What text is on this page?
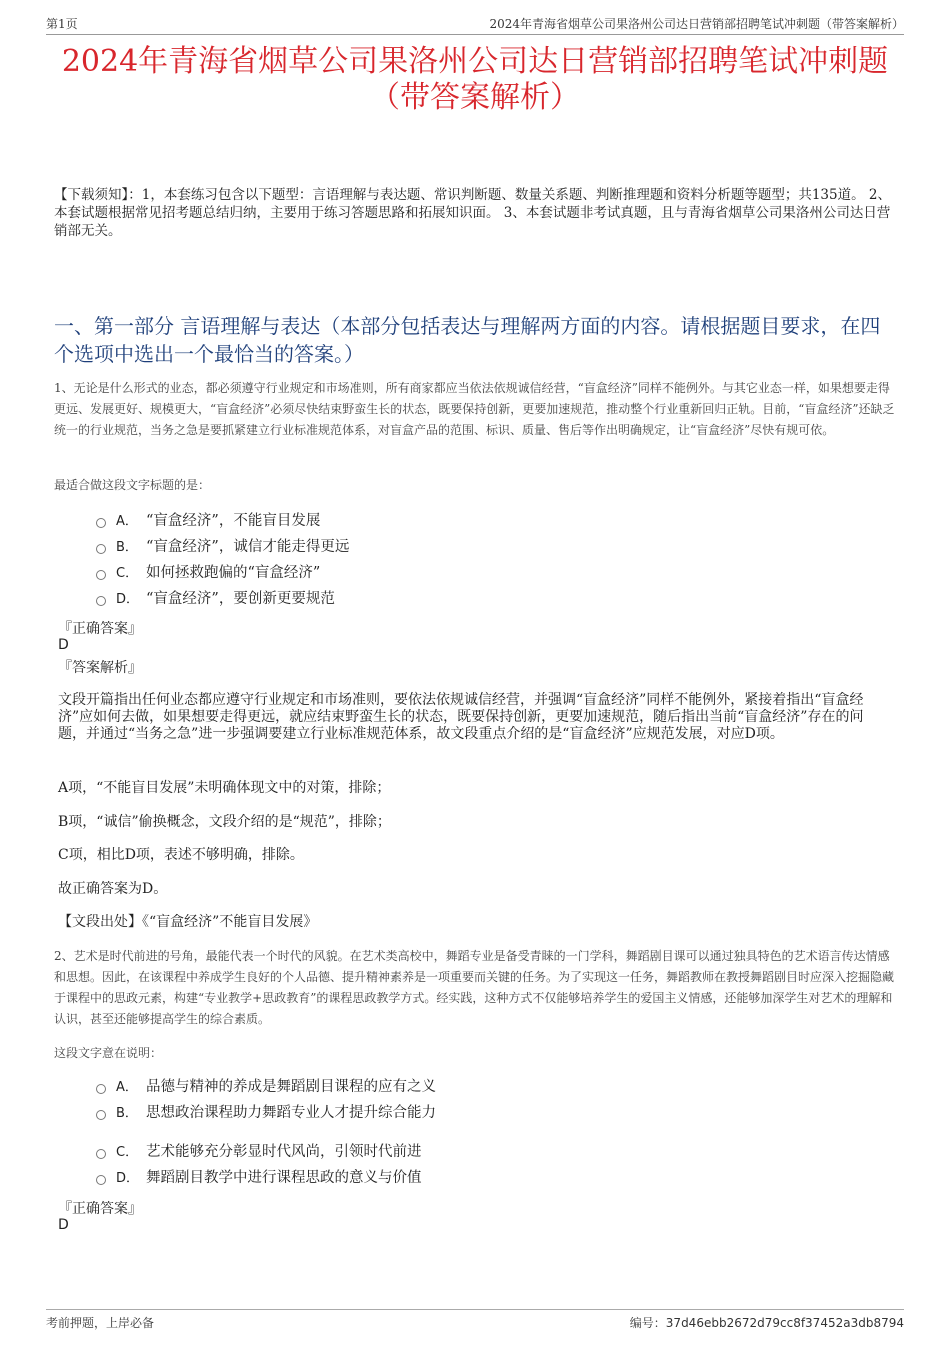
第1页	2024年青海省烟草公司果洛州公司达日营销部招聘笔试冲刺题（带答案解析）
2024年青海省烟草公司果洛州公司达日营销部招聘笔试冲刺题
（带答案解析）
【下载须知】：1，本套练习包含以下题型：言语理解与表达题、常识判断题、数量关系题、判断推理题和资料分析题等题型；共135道。 2、本套试题根据常见招考题总结归纳，主要用于练习答题思路和拓展知识面。 3、本套试题非考试真题，且与青海省烟草公司果洛州公司达日营销部无关。
一、第一部分 言语理解与表达（本部分包括表达与理解两方面的内容。请根据题目要求，在四个选项中选出一个最恰当的答案。）
1、无论是什么形式的业态，都必须遵守行业规定和市场准则，所有商家都应当依法依规诚信经营，“盲盒经济”同样不能例外。与其它业态一样，如果想要走得更远、发展更好、规模更大，“盲盒经济”必须尽快结束野蛮生长的状态，既要保持创新，更要加速规范，推动整个行业重新回归正轨。目前，“盲盒经济”还缺乏统一的行业规范，当务之急是要抓紧建立行业标准规范体系，对盲盒产品的范围、标识、质量、售后等作出明确规定，让“盲盒经济”尽快有规可依。
最适合做这段文字标题的是：
A． “盲盒经济”，不能盲目发展
B． “盲盒经济”，诚信才能走得更远
C． 如何拯救跑偏的“盲盒经济”
D． “盲盒经济”，要创新更要规范
『正确答案』
D
『答案解析』
文段开篇指出任何业态都应遵守行业规定和市场准则，要依法依规诚信经营，并强调“盲盒经济”同样不能例外，紧接着指出“盲盒经济”应如何去做，如果想要走得更远，就应结束野蛮生长的状态，既要保持创新，更要加速规范，随后指出当前“盲盒经济”存在的问题，并通过“当务之急”进一步强调要建立行业标准规范体系，故文段重点介绍的是“盲盒经济”应规范发展，对应D项。
A项，“不能盲目发展”未明确体现文中的对策，排除；
B项，“诚信”偷换概念，文段介绍的是“规范”，排除；
C项，相比D项，表述不够明确，排除。
故正确答案为D。
【文段出处】《“盲盒经济”不能盲目发展》
2、艺术是时代前进的号角，最能代表一个时代的风貌。在艺术类高校中，舞蹈专业是备受青睐的一门学科，舞蹈剧目课可以通过独具特色的艺术语言传达情感和思想。因此，在该课程中养成学生良好的个人品德、提升精神素养是一项重要而关键的任务。为了实现这一任务，舞蹈教师在教授舞蹈剧目时应深入挖掘隐藏于课程中的思政元素，构建“专业教学+思政教育”的课程思政教学方式。经实践，这种方式不仅能够培养学生的爱国主义情感，还能够加深学生对艺术的理解和认识，甚至还能够提高学生的综合素质。
这段文字意在说明：
A． 品德与精神的养成是舞蹈剧目课程的应有之义
B． 思想政治课程助力舞蹈专业人才提升综合能力
C． 艺术能够充分彰显时代风尚，引领时代前进
D． 舞蹈剧目教学中进行课程思政的意义与价值
『正确答案』
D
考前押题，上岸必备	编号：37d46ebb2672d79cc8f37452a3db8794
